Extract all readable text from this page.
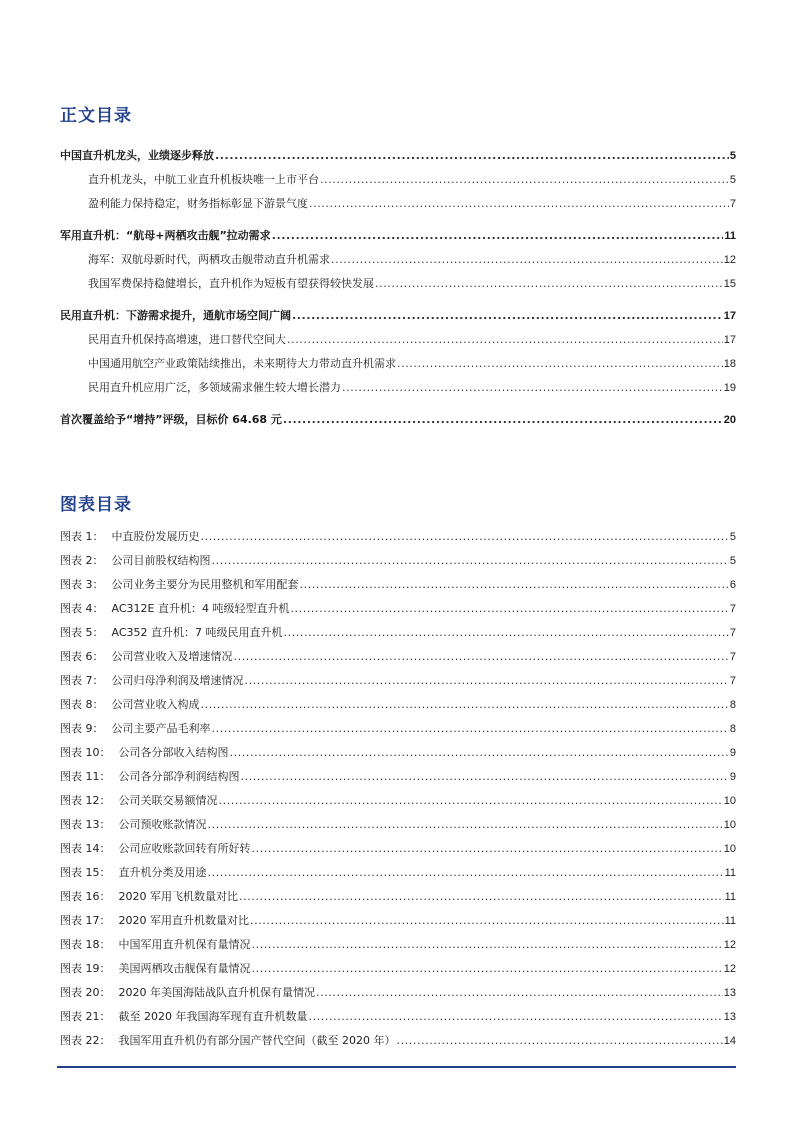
正文目录
中国直升机龙头，业绩逐步释放 .....	5
直升机龙头，中航工业直升机板块唯一上市平台 .....	5
盈利能力保持稳定，财务指标彰显下游景气度 .....	7
军用直升机：“航母+两栖攻击舰”拉动需求 .....	11
海军：双航母新时代，两栖攻击舰带动直升机需求 .....	12
我国军费保持稳健增长，直升机作为短板有望获得较快发展 .....	15
民用直升机：下游需求提升，通航市场空间广阔 .....	17
民用直升机保持高增速，进口替代空间大 .....	17
中国通用航空产业政策陆续推出，未来期待大力带动直升机需求 .....	18
民用直升机应用广泛，多领域需求催生较大增长潜力 .....	19
首次覆盖给予“增持”评级，目标价 64.68 元 .....	20
图表目录
图表 1： 中直股份发展历史 .....	5
图表 2： 公司目前股权结构图 .....	5
图表 3： 公司业务主要分为民用整机和军用配套 .....	6
图表 4： AC312E 直升机：4 吨级轻型直升机 .....	7
图表 5： AC352 直升机：7 吨级民用直升机 .....	7
图表 6： 公司营业收入及增速情况 .....	7
图表 7： 公司归母净利润及增速情况 .....	7
图表 8： 公司营业收入构成 .....	8
图表 9： 公司主要产品毛利率 .....	8
图表 10： 公司各分部收入结构图 .....	9
图表 11： 公司各分部净利润结构图 .....	9
图表 12： 公司关联交易额情况 .....	10
图表 13： 公司预收账款情况 .....	10
图表 14： 公司应收账款回转有所好转 .....	10
图表 15： 直升机分类及用途 .....	11
图表 16： 2020 军用飞机数量对比 .....	11
图表 17： 2020 军用直升机数量对比 .....	11
图表 18： 中国军用直升机保有量情况 .....	12
图表 19： 美国两栖攻击舰保有量情况 .....	12
图表 20： 2020 年美国海陆战队直升机保有量情况 .....	13
图表 21： 截至 2020 年我国海军现有直升机数量 .....	13
图表 22： 我国军用直升机仍有部分国产替代空间（截至 2020 年） .....	14
